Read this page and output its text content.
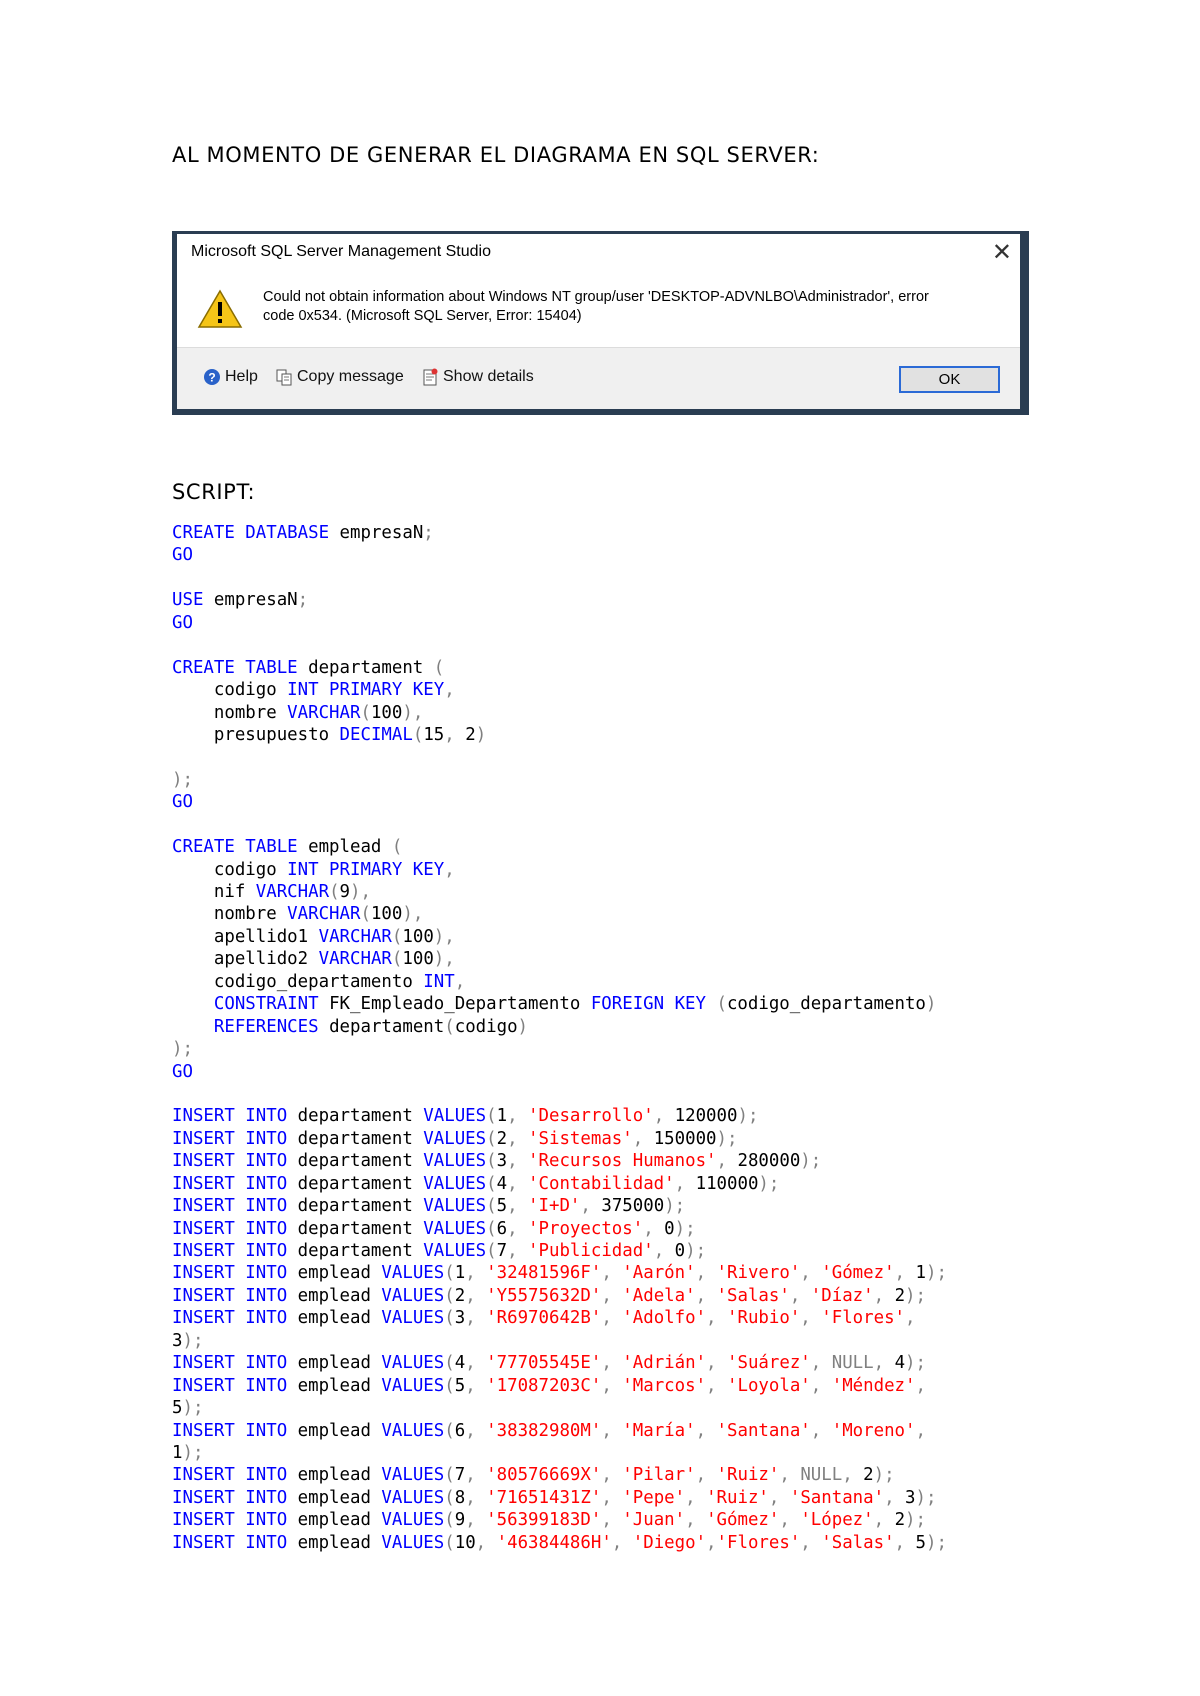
AL MOMENTO DE GENERAR EL DIAGRAMA EN SQL SERVER:
Microsoft SQL Server Management Studio	✕
Could not obtain information about Windows NT group/user 'DESKTOP-ADVNLBO\Administrador', error code 0x534. (Microsoft SQL Server, Error: 15404)
? Help Copy message Show details	OK
SCRIPT:
CREATE DATABASE empresaN;
GO

USE empresaN;
GO

CREATE TABLE departament (
codigo INT PRIMARY KEY,
nombre VARCHAR(100),
presupuesto DECIMAL(15, 2)

);
GO

CREATE TABLE emplead (
codigo INT PRIMARY KEY,
nif VARCHAR(9),
nombre VARCHAR(100),
apellido1 VARCHAR(100),
apellido2 VARCHAR(100),
codigo_departamento INT,
CONSTRAINT FK_Empleado_Departamento FOREIGN KEY (codigo_departamento)
REFERENCES departament(codigo)
);
GO

INSERT INTO departament VALUES(1, 'Desarrollo', 120000);
INSERT INTO departament VALUES(2, 'Sistemas', 150000);
INSERT INTO departament VALUES(3, 'Recursos Humanos', 280000);
INSERT INTO departament VALUES(4, 'Contabilidad', 110000);
INSERT INTO departament VALUES(5, 'I+D', 375000);
INSERT INTO departament VALUES(6, 'Proyectos', 0);
INSERT INTO departament VALUES(7, 'Publicidad', 0);
INSERT INTO emplead VALUES(1, '32481596F', 'Aarón', 'Rivero', 'Gómez', 1);
INSERT INTO emplead VALUES(2, 'Y5575632D', 'Adela', 'Salas', 'Díaz', 2);
INSERT INTO emplead VALUES(3, 'R6970642B', 'Adolfo', 'Rubio', 'Flores',
3);
INSERT INTO emplead VALUES(4, '77705545E', 'Adrián', 'Suárez', NULL, 4);
INSERT INTO emplead VALUES(5, '17087203C', 'Marcos', 'Loyola', 'Méndez',
5);
INSERT INTO emplead VALUES(6, '38382980M', 'María', 'Santana', 'Moreno',
1);
INSERT INTO emplead VALUES(7, '80576669X', 'Pilar', 'Ruiz', NULL, 2);
INSERT INTO emplead VALUES(8, '71651431Z', 'Pepe', 'Ruiz', 'Santana', 3);
INSERT INTO emplead VALUES(9, '56399183D', 'Juan', 'Gómez', 'López', 2);
INSERT INTO emplead VALUES(10, '46384486H', 'Diego','Flores', 'Salas', 5);
